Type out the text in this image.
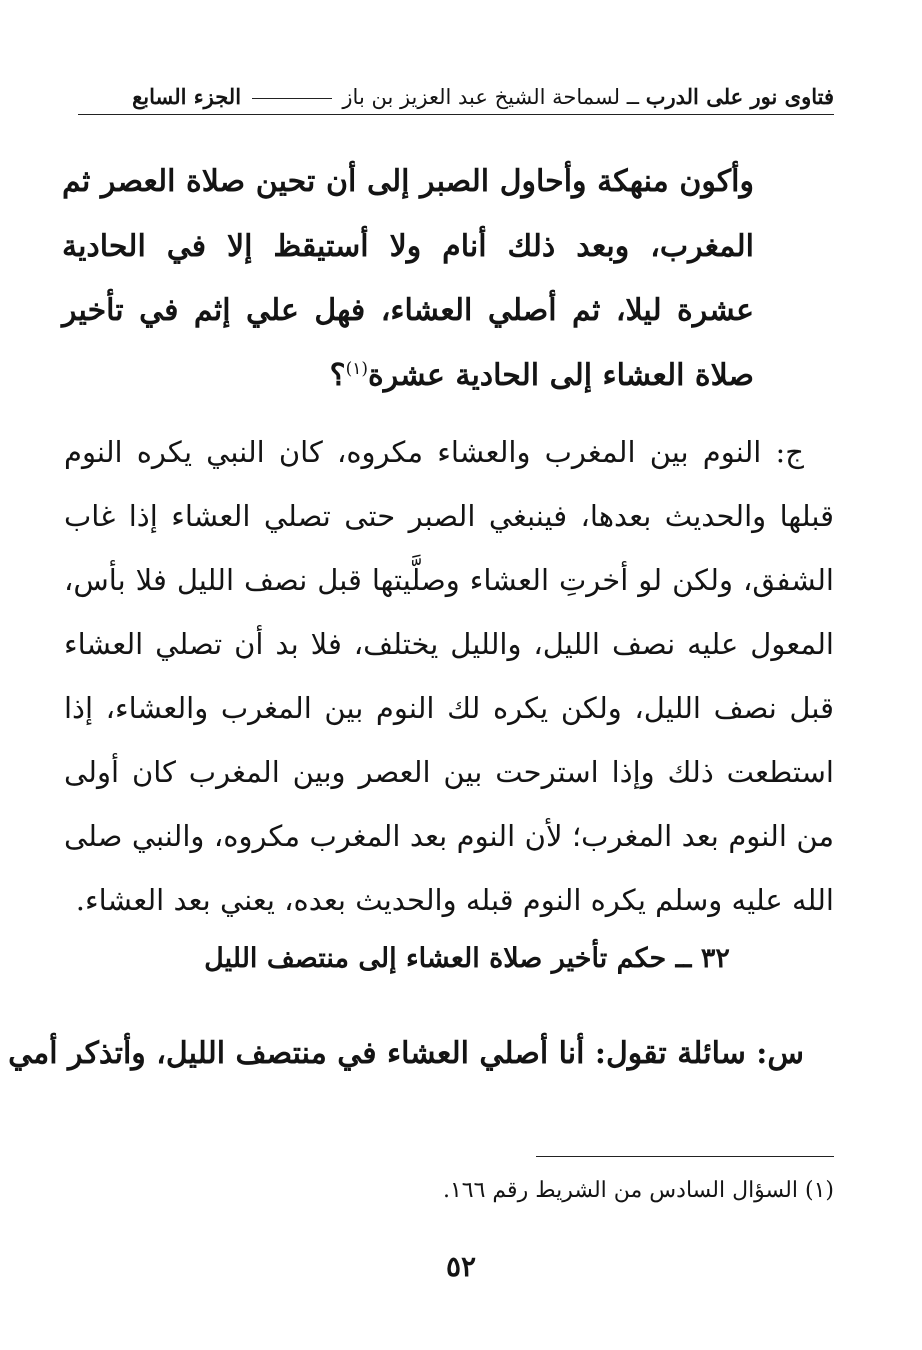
فتاوى نور على الدرب ــ لسماحة الشيخ عبد العزيز بن باز  الجزء السابع
وأكون منهكة وأحاول الصبر إلى أن تحين صلاة العصر ثم المغرب، وبعد ذلك أنام ولا أستيقظ إلا في الحادية عشرة ليلا، ثم أصلي العشاء، فهل علي إثم في تأخير صلاة العشاء إلى الحادية عشرة$^{(١)}$؟
ج: النوم بين المغرب والعشاء مكروه، كان النبي يكره النوم قبلها والحديث بعدها، فينبغي الصبر حتى تصلي العشاء إذا غاب الشفق، ولكن لو أخرتِ العشاء وصلَّيتها قبل نصف الليل فلا بأس، المعول عليه نصف الليل، والليل يختلف، فلا بد أن تصلي العشاء قبل نصف الليل، ولكن يكره لك النوم بين المغرب والعشاء، إذا استطعت ذلك وإذا استرحت بين العصر وبين المغرب كان أولى من النوم بعد المغرب؛ لأن النوم بعد المغرب مكروه، والنبي صلى الله عليه وسلم يكره النوم قبله والحديث بعده، يعني بعد العشاء.
٣٢ ــ حكم تأخير صلاة العشاء إلى منتصف الليل
س: سائلة تقول: أنا أصلي العشاء في منتصف الليل، وأتذكر أمي
(١) السؤال السادس من الشريط رقم ١٦٦.
٥٢
